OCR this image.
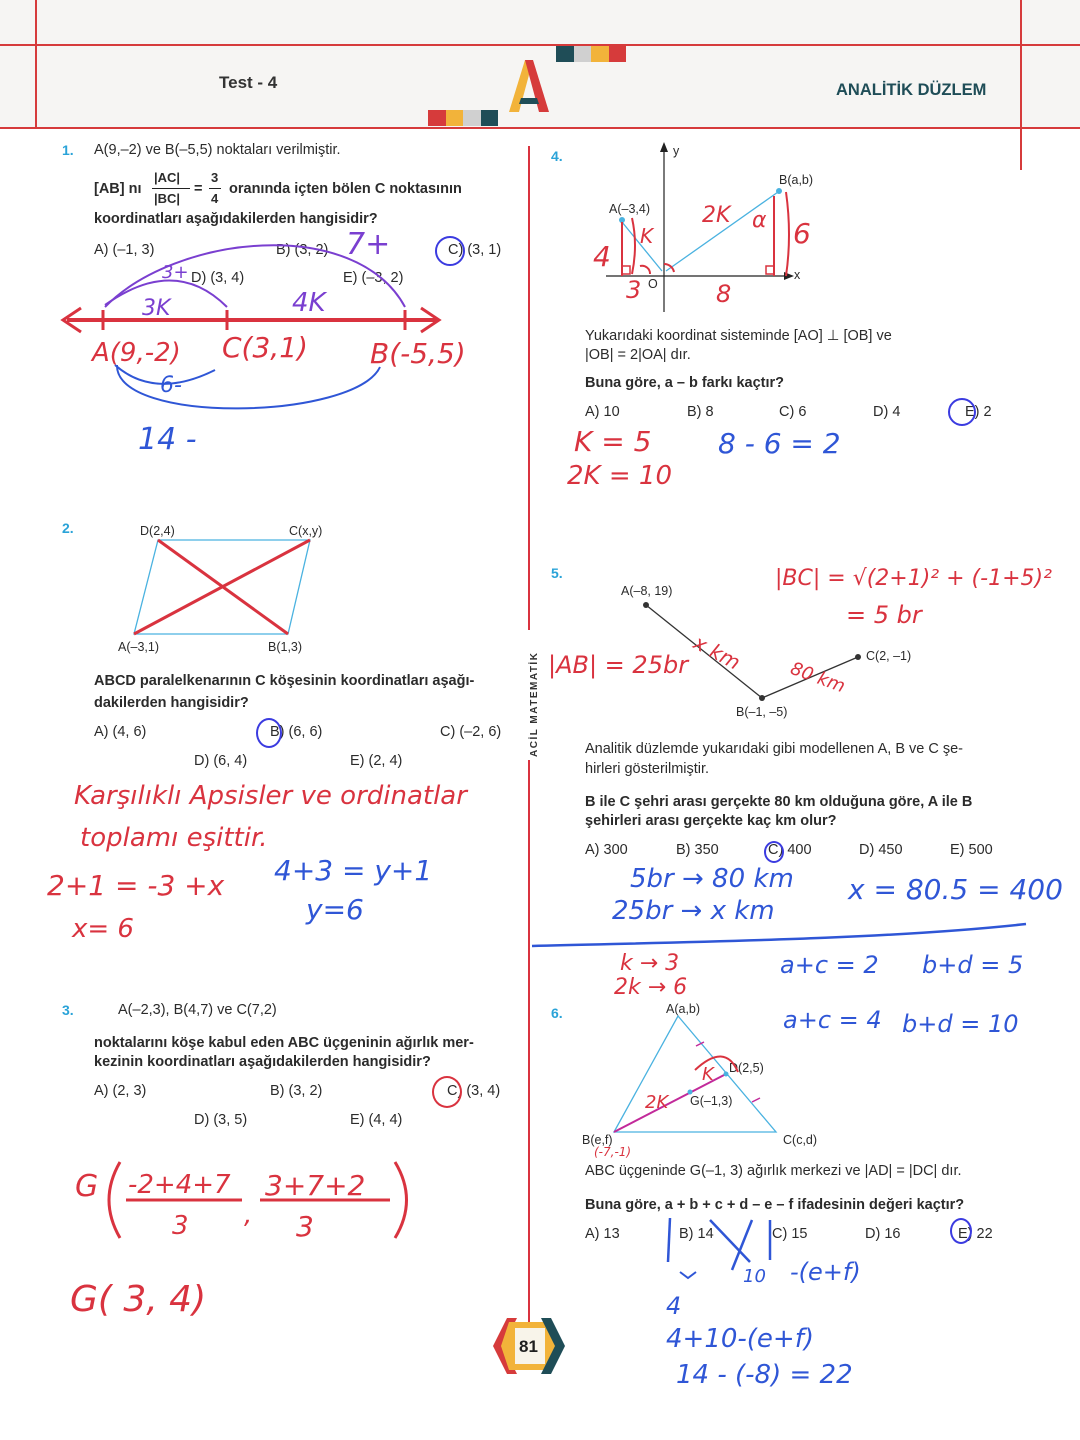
Test - 4	ANALİTİK DÜZLEM
ACİL MATEMATİK
1. A(9,–2) ve B(–5,5) noktaları verilmiştir.
[AB] nı
|AC|
|BC|
=
3
4
oranında içten bölen C noktasının
koordinatları aşağıdakilerden hangisidir?
A) (–1, 3)	B) (3, 2)	C) (3, 1)
D) (3, 4)	E) (–3, 2)
7+
3+
3K	4K
A(9,-2) C(3,1) B(-5,5)
6-
14 -
2.	D(2,4)	C(x,y)
A(–3,1)	B(1,3)
ABCD paralelkenarının C köşesinin koordinatları aşağı-
dakilerden hangisidir?
A) (4, 6)	B) (6, 6)	C) (–2, 6)
D) (6, 4)	E) (2, 4)
Karşılıklı Apsisler ve ordinatlar
toplamı eşittir.
2+1 = -3 +x
x= 6
4+3 = y+1
y=6
3.	A(–2,3), B(4,7) ve C(7,2)
noktalarını köşe kabul eden ABC üçgeninin ağırlık mer-
kezinin koordinatları aşağıdakilerden hangisidir?
A) (2, 3)	B) (3, 2)	C) (3, 4)
D) (3, 5)	E) (4, 4)
G -2+4+7
3 ,
3+7+2
3
G( 3, 4)
4.	y
x
B(a,b)
A(–3,4)
O
2K α 6
4
K
3	8
Yukarıdaki koordinat sisteminde [AO] ⊥ [OB] ve
|OB| = 2|OA| dır.
Buna göre, a – b farkı kaçtır?
A) 10	B) 8	C) 6	D) 4	E) 2
K = 5
2K = 10
8 - 6 = 2
5.
A(–8, 19)
C(2, –1)
B(–1, –5)
|BC| = √(2+1)² + (-1+5)²
= 5 br
|AB| = 25br x km
80 km
Analitik düzlemde yukarıdaki gibi modellenen A, B ve C şe-
hirleri gösterilmiştir.
B ile C şehri arası gerçekte 80 km olduğuna göre, A ile B
şehirleri arası gerçekte kaç km olur?
A) 300	B) 350	C) 400	D) 450	E) 500
5br → 80 km
25br → x km
x = 80.5 = 400
k → 3
2k → 6
a+c = 2
a+c = 4
b+d = 5
b+d = 10
6.	A(a,b)
D(2,5)
G(–1,3)
B(e,f)	C(c,d)
2K
K
(-7,-1)
ABC üçgeninde G(–1, 3) ağırlık merkezi ve |AD| = |DC| dır.
Buna göre, a + b + c + d – e – f ifadesinin değeri kaçtır?
A) 13	B) 14	C) 15	D) 16	E) 22
10 -(e+f)
4
4+10-(e+f)
14 - (-8) = 22
81
